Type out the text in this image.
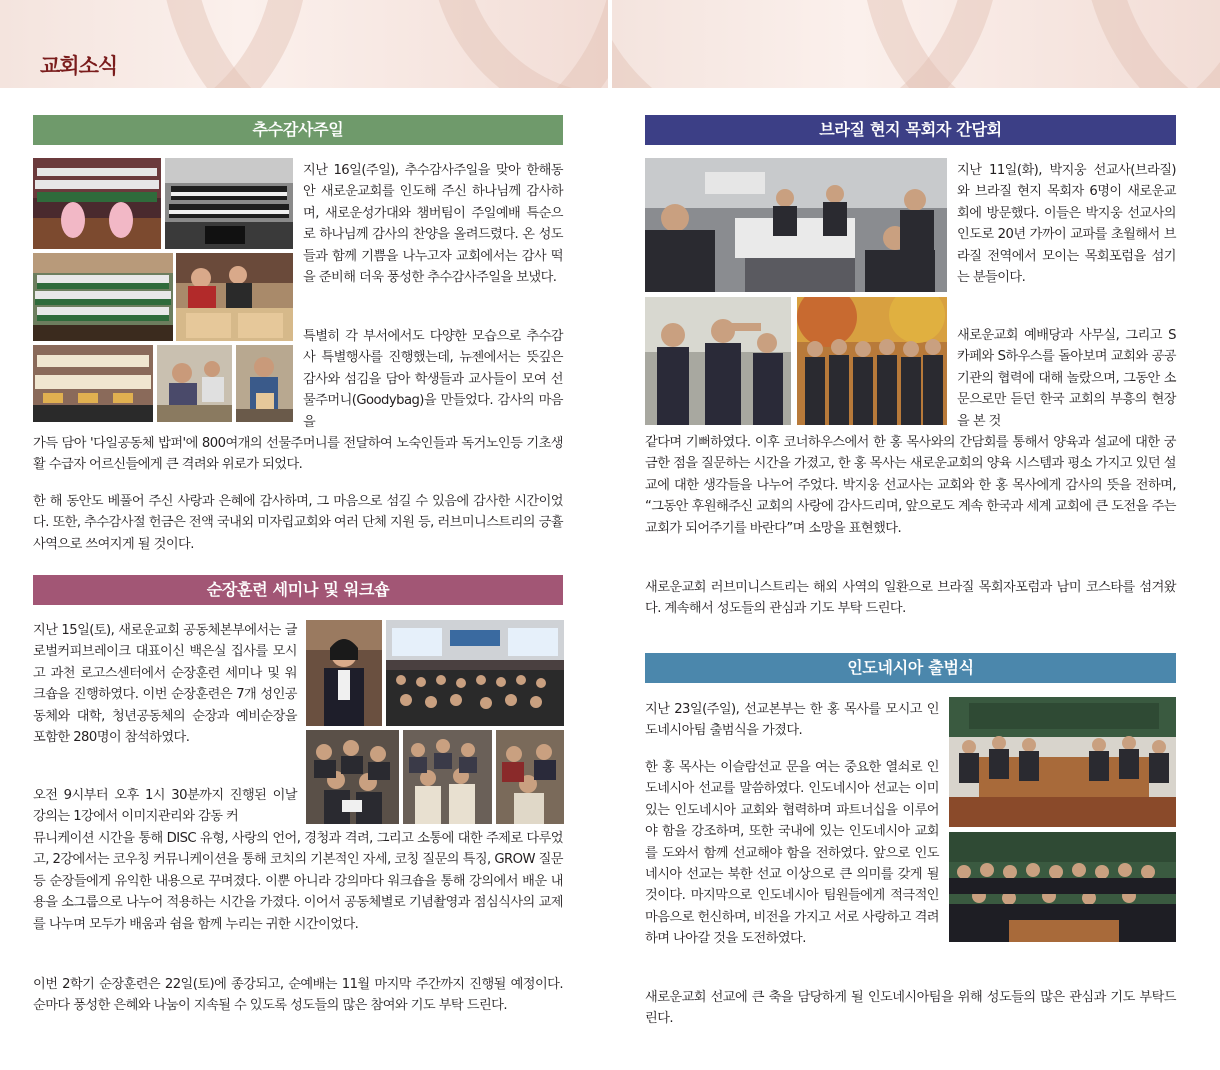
교회소식
추수감사주일

지난 16일(주일), 추수감사주일을 맞아 한해동안 새로운교회를 인도해 주신 하나님께 감사하며, 새로운성가대와 챔버팀이 주일예배 특순으로 하나님께 감사의 찬양을 올려드렸다. 온 성도들과 함께 기쁨을 나누고자 교회에서는 감사 떡을 준비해 더욱 풍성한 추수감사주일을 보냈다.

특별히 각 부서에서도 다양한 모습으로 추수감사 특별행사를 진행했는데, 뉴젠에서는 뜻깊은 감사와 섬김을 담아 학생들과 교사들이 모여 선물주머니(Goodybag)을 만들었다. 감사의 마음을

가득 담아 '다일공동체 밥퍼'에 800여개의 선물주머니를 전달하여 노숙인들과 독거노인등 기초생활 수급자 어르신들에게 큰 격려와 위로가 되었다.

한 해 동안도 베풀어 주신 사랑과 은혜에 감사하며, 그 마음으로 섬길 수 있음에 감사한 시간이었다. 또한, 추수감사절 헌금은 전액 국내외 미자립교회와 여러 단체 지원 등, 러브미니스트리의 긍휼사역으로 쓰여지게 될 것이다.

순장훈련 세미나 및 워크숍

지난 15일(토), 새로운교회 공동체본부에서는 글로벌커피브레이크 대표이신 백은실 집사를 모시고 과천 로고스센터에서 순장훈련 세미나 및 워크숍을 진행하였다. 이번 순장훈련은 7개 성인공동체와 대학, 청년공동체의 순장과 예비순장을 포함한 280명이 참석하였다.

오전 9시부터 오후 1시 30분까지 진행된 이날 강의는 1강에서 이미지관리와 감동 커

뮤니케이션 시간을 통해 DISC 유형, 사랑의 언어, 경청과 격려, 그리고 소통에 대한 주제로 다루었고, 2강에서는 코우칭 커뮤니케이션을 통해 코치의 기본적인 자세, 코칭 질문의 특징, GROW 질문 등 순장들에게 유익한 내용으로 꾸며졌다. 이뿐 아니라 강의마다 워크숍을 통해 강의에서 배운 내용을 소그룹으로 나누어 적용하는 시간을 가졌다. 이어서 공동체별로 기념촬영과 점심식사의 교제를 나누며 모두가 배움과 쉼을 함께 누리는 귀한 시간이었다.

이번 2학기 순장훈련은 22일(토)에 종강되고, 순예배는 11월 마지막 주간까지 진행될 예정이다. 순마다 풍성한 은혜와 나눔이 지속될 수 있도록 성도들의 많은 참여와 기도 부탁 드린다.

브라질 현지 목회자 간담회

지난 11일(화), 박지웅 선교사(브라질)와 브라질 현지 목회자 6명이 새로운교회에 방문했다. 이들은 박지웅 선교사의 인도로 20년 가까이 교파를 초월해서 브라질 전역에서 모이는 목회포럼을 섬기는 분들이다.

새로운교회 예배당과 사무실, 그리고 S카페와 S하우스를 돌아보며 교회와 공공 기관의 협력에 대해 놀랐으며, 그동안 소문으로만 듣던 한국 교회의 부흥의 현장을 본 것

같다며 기뻐하였다. 이후 코너하우스에서 한 홍 목사와의 간담회를 통해서 양육과 설교에 대한 궁금한 점을 질문하는 시간을 가졌고, 한 홍 목사는 새로운교회의 양육 시스템과 평소 가지고 있던 설교에 대한 생각들을 나누어 주었다. 박지웅 선교사는 교회와 한 홍 목사에게 감사의 뜻을 전하며, “그동안 후원해주신 교회의 사랑에 감사드리며, 앞으로도 계속 한국과 세계 교회에 큰 도전을 주는 교회가 되어주기를 바란다”며 소망을 표현했다.

새로운교회 러브미니스트리는 해외 사역의 일환으로 브라질 목회자포럼과 남미 코스타를 섬겨왔다. 계속해서 성도들의 관심과 기도 부탁 드린다.

인도네시아 출범식

지난 23일(주일), 선교본부는 한 홍 목사를 모시고 인도네시아팀 출범식을 가졌다.

한 홍 목사는 이슬람선교 문을 여는 중요한 열쇠로 인도네시아 선교를 말씀하였다. 인도네시아 선교는 이미 있는 인도네시아 교회와 협력하며 파트너십을 이루어야 함을 강조하며, 또한 국내에 있는 인도네시아 교회를 도와서 함께 선교해야 함을 전하였다. 앞으로 인도네시아 선교는 북한 선교 이상으로 큰 의미를 갖게 될 것이다. 마지막으로 인도네시아 팀원들에게 적극적인 마음으로 헌신하며, 비전을 가지고 서로 사랑하고 격려하며 나아갈 것을 도전하였다.

새로운교회 선교에 큰 축을 담당하게 될 인도네시아팀을 위해 성도들의 많은 관심과 기도 부탁드린다.
